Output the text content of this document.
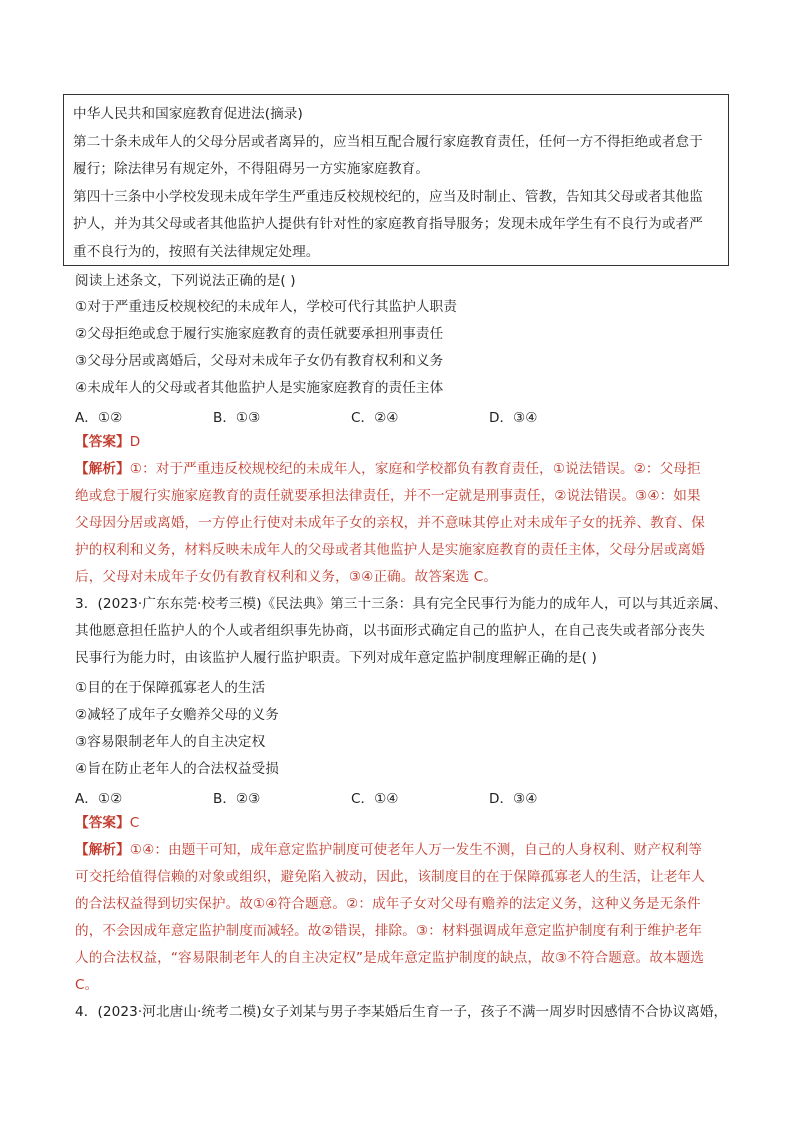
中华人民共和国家庭教育促进法(摘录)
第二十条未成年人的父母分居或者离异的，应当相互配合履行家庭教育责任，任何一方不得拒绝或者怠于
履行；除法律另有规定外，不得阻碍另一方实施家庭教育。
第四十三条中小学校发现未成年学生严重违反校规校纪的，应当及时制止、管教，告知其父母或者其他监
护人，并为其父母或者其他监护人提供有针对性的家庭教育指导服务；发现未成年学生有不良行为或者严
重不良行为的，按照有关法律规定处理。
阅读上述条文，下列说法正确的是( )
①对于严重违反校规校纪的未成年人，学校可代行其监护人职责
②父母拒绝或怠于履行实施家庭教育的责任就要承担刑事责任
③父母分居或离婚后，父母对未成年子女仍有教育权利和义务
④未成年人的父母或者其他监护人是实施家庭教育的责任主体
A．①②	B．①③	C．②④	D．③④
【答案】D
【解析】①：对于严重违反校规校纪的未成年人，家庭和学校都负有教育责任，①说法错误。②：父母拒
绝或怠于履行实施家庭教育的责任就要承担法律责任，并不一定就是刑事责任，②说法错误。③④：如果
父母因分居或离婚，一方停止行使对未成年子女的亲权，并不意味其停止对未成年子女的抚养、教育、保
护的权利和义务，材料反映未成年人的父母或者其他监护人是实施家庭教育的责任主体，父母分居或离婚
后，父母对未成年子女仍有教育权利和义务，③④正确。故答案选 C。
3．(2023·广东东莞·校考三模)《民法典》第三十三条：具有完全民事行为能力的成年人，可以与其近亲属、
其他愿意担任监护人的个人或者组织事先协商，以书面形式确定自己的监护人，在自己丧失或者部分丧失
民事行为能力时，由该监护人履行监护职责。下列对成年意定监护制度理解正确的是( )
①目的在于保障孤寡老人的生活
②减轻了成年子女赡养父母的义务
③容易限制老年人的自主决定权
④旨在防止老年人的合法权益受损
A．①②	B．②③	C．①④	D．③④
【答案】C
【解析】①④：由题干可知，成年意定监护制度可使老年人万一发生不测，自己的人身权利、财产权利等
可交托给值得信赖的对象或组织，避免陷入被动，因此，该制度目的在于保障孤寡老人的生活，让老年人
的合法权益得到切实保护。故①④符合题意。②：成年子女对父母有赡养的法定义务，这种义务是无条件
的，不会因成年意定监护制度而减轻。故②错误，排除。③：材料强调成年意定监护制度有利于维护老年
人的合法权益，“容易限制老年人的自主决定权”是成年意定监护制度的缺点，故③不符合题意。故本题选
C。
4．(2023·河北唐山·统考二模)女子刘某与男子李某婚后生育一子，孩子不满一周岁时因感情不合协议离婚，
